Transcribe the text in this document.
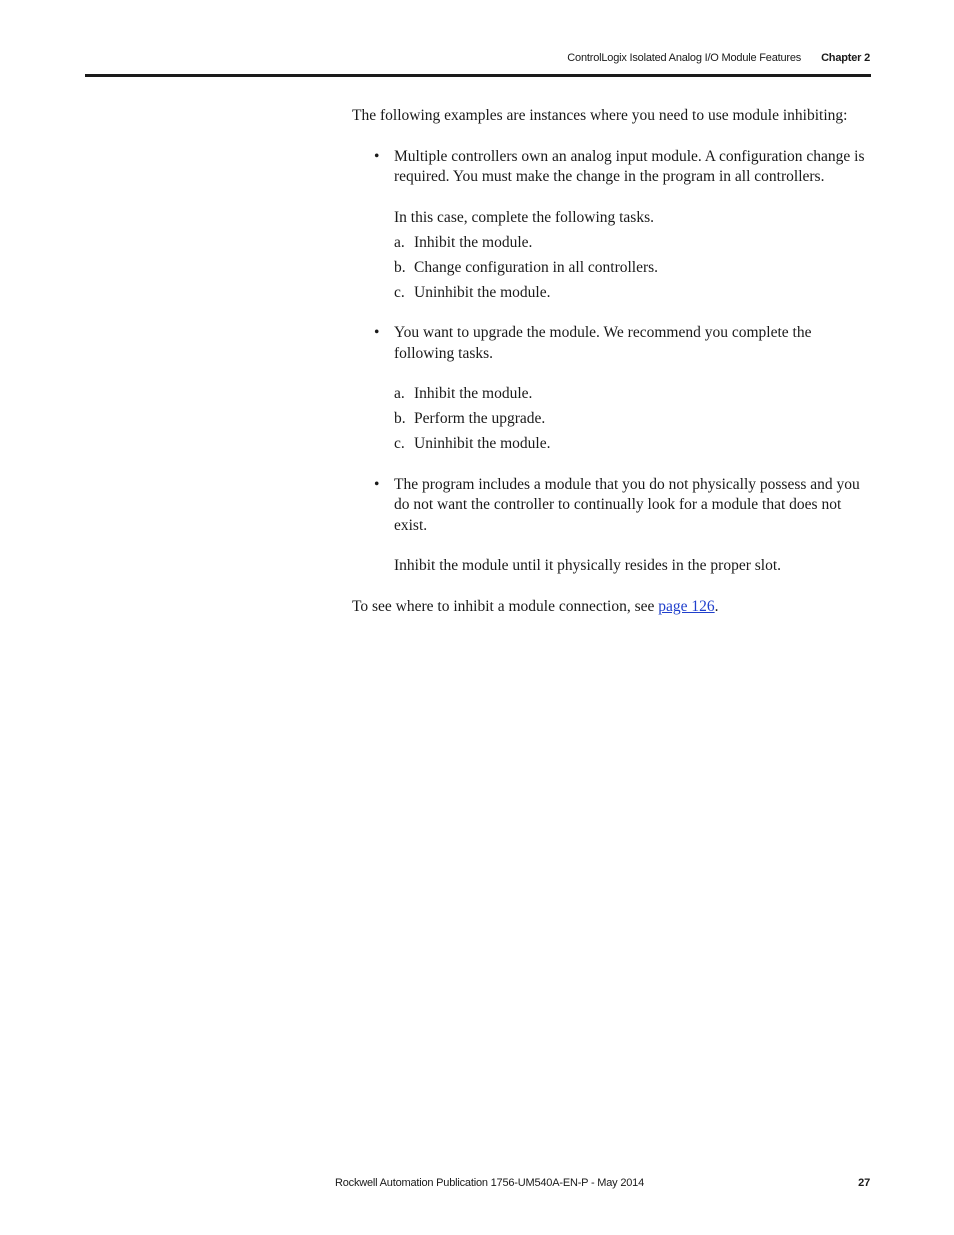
ControlLogix Isolated Analog I/O Module Features Chapter 2

The following examples are instances where you need to use module inhibiting:

• Multiple controllers own an analog input module. A configuration change is required. You must make the change in the program in all controllers.

In this case, complete the following tasks.

a. Inhibit the module.
b. Change configuration in all controllers.
c. Uninhibit the module.
• You want to upgrade the module. We recommend you complete the following tasks.
a. Inhibit the module.
b. Perform the upgrade.
c. Uninhibit the module.
• The program includes a module that you do not physically possess and you do not want the controller to continually look for a module that does not exist.

Inhibit the module until it physically resides in the proper slot.

To see where to inhibit a module connection, see page 126.

Rockwell Automation Publication 1756-UM540A-EN-P - May 2014	27
